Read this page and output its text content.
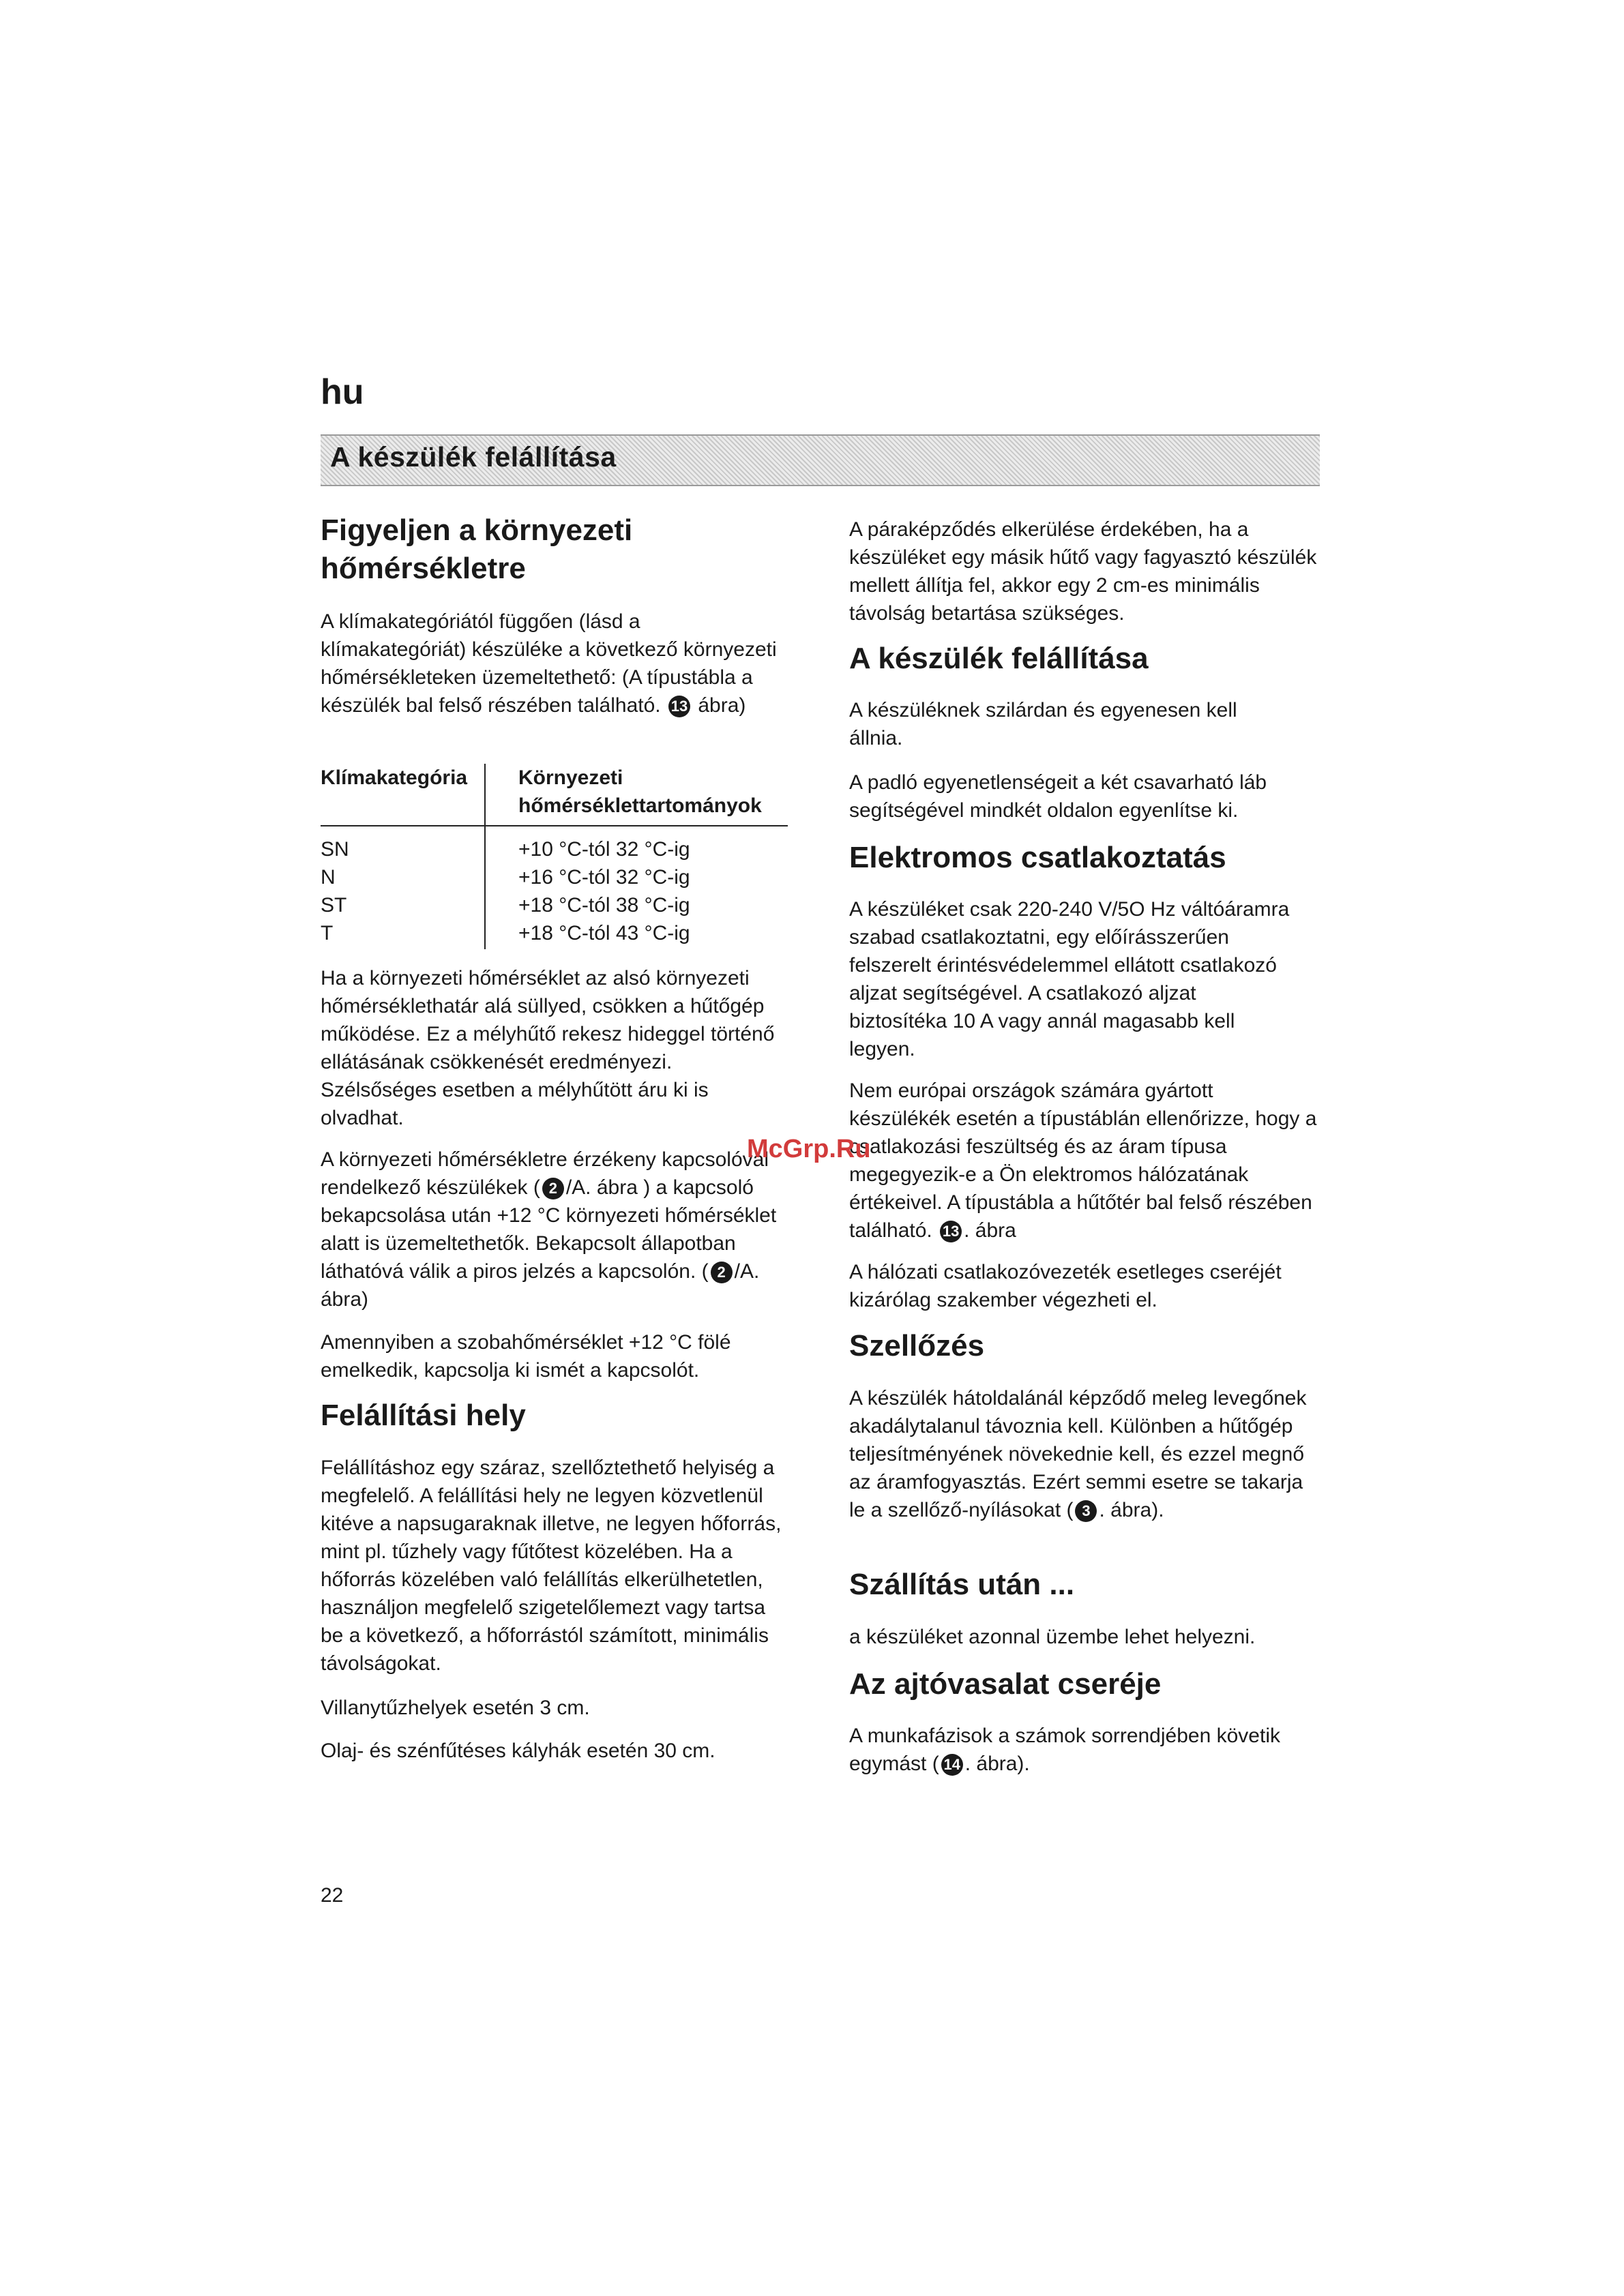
hu
A készülék felállítása
Figyeljen a környezeti hőmérsékletre
A klímakategóriától függően (lásd a klímakategóriát) készüléke a következő környezeti hőmérsékleteken üzemeltethető: (A típustábla a készülék bal felső részében található. 13 ábra)
Klímakategória Környezeti hőmérséklettartományok
SN	+10 °C-tól 32 °C-ig
N	+16 °C-tól 32 °C-ig
ST	+18 °C-tól 38 °C-ig
T	+18 °C-tól 43 °C-ig
Ha a környezeti hőmérséklet az alsó környezeti hőmérséklethatár alá süllyed, csökken a hűtőgép működése. Ez a mélyhűtő rekesz hideggel történő ellátásának csökkenését eredményezi. Szélsőséges esetben a mélyhűtött áru ki is olvadhat.
A környezeti hőmérsékletre érzékeny kapcsolóval rendelkező készülékek ( 2 /A. ábra ) a kapcsoló bekapcsolása után +12 °C környezeti hőmérséklet alatt is üzemeltethetők. Bekapcsolt állapotban láthatóvá válik a piros jelzés a kapcsolón. ( 2 /A. ábra)
Amennyiben a szobahőmérséklet +12 °C fölé emelkedik, kapcsolja ki ismét a kapcsolót.
Felállítási hely
Felállításhoz egy száraz, szellőztethető helyiség a megfelelő. A felállítási hely ne legyen közvetlenül kitéve a napsugaraknak illetve, ne legyen hőforrás, mint pl. tűzhely vagy fűtőtest közelében. Ha a hőforrás közelében való felállítás elkerülhetetlen, használjon megfelelő szigetelőlemezt vagy tartsa be a következő, a hőforrástól számított, minimális távolságokat.
Villanytűzhelyek esetén 3 cm.
Olaj- és szénfűtéses kályhák esetén 30 cm.
A páraképződés elkerülése érdekében, ha a készüléket egy másik hűtő vagy fagyasztó készülék mellett állítja fel, akkor egy 2 cm-es minimális távolság betartása szükséges.
A készülék felállítása
A készüléknek szilárdan és egyenesen kell állnia.
A padló egyenetlenségeit a két csavarható láb segítségével mindkét oldalon egyenlítse ki.
Elektromos csatlakoztatás
A készüléket csak 220-240 V/5O Hz váltóáramra szabad csatlakoztatni, egy előírásszerűen felszerelt érintésvédelemmel ellátott csatlakozó aljzat segítségével. A csatlakozó aljzat biztosítéka 10 A vagy annál magasabb kell legyen.
Nem európai országok számára gyártott készülékék esetén a típustáblán ellenőrizze, hogy a csatlakozási feszültség és az áram típusa megegyezik-e a Ön elektromos hálózatának értékeivel. A típustábla a hűtőtér bal felső részében található. 13 . ábra
A hálózati csatlakozóvezeték esetleges cseréjét kizárólag szakember végezheti el.
Szellőzés
A készülék hátoldalánál képződő meleg levegőnek akadálytalanul távoznia kell. Különben a hűtőgép teljesítményének növekednie kell, és ezzel megnő az áramfogyasztás. Ezért semmi esetre se takarja le a szellőző-nyílásokat ( 3 . ábra).
Szállítás után ...
a készüléket azonnal üzembe lehet helyezni.
Az ajtóvasalat cseréje
A munkafázisok a számok sorrendjében követik egymást ( 14 . ábra).
McGrp.Ru
22
